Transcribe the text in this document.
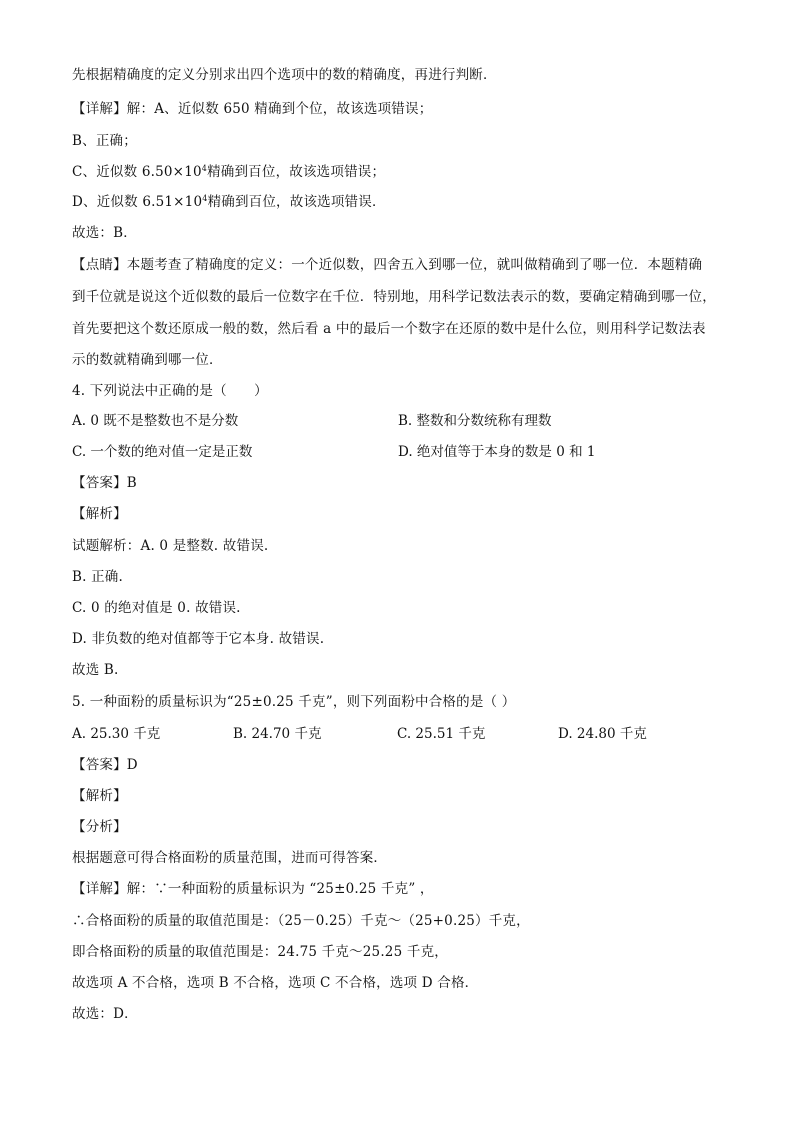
先根据精确度的定义分别求出四个选项中的数的精确度，再进行判断．
【详解】解：A、近似数 650 精确到个位，故该选项错误；
B、正确；
C、近似数 $6.50\times 10^4$精确到百位，故该选项错误；
D、近似数 $6.51\times 10^4$精确到百位，故该选项错误．
故选：B．
【点睛】本题考查了精确度的定义：一个近似数，四舍五入到哪一位，就叫做精确到了哪一位．本题精确
到千位就是说这个近似数的最后一位数字在千位．特别地，用科学记数法表示的数，要确定精确到哪一位，
首先要把这个数还原成一般的数，然后看 a 中的最后一个数字在还原的数中是什么位，则用科学记数法表
示的数就精确到哪一位．
4. 下列说法中正确的是（　　）
A. 0 既不是整数也不是分数	B. 整数和分数统称有理数
C. 一个数的绝对值一定是正数	D. 绝对值等于本身的数是 0 和 1
【答案】B
【解析】
试题解析：A. 0 是整数. 故错误.
B. 正确.
C. 0 的绝对值是 0. 故错误.
D. 非负数的绝对值都等于它本身. 故错误.
故选 B.
5. 一种面粉的质量标识为“25±0.25 千克”，则下列面粉中合格的是（ ）
A. 25.30 千克	B. 24.70 千克	C. 25.51 千克	D. 24.80 千克
【答案】D
【解析】
【分析】
根据题意可得合格面粉的质量范围，进而可得答案．
【详解】解：∵一种面粉的质量标识为 “25±0.25 千克” ，
∴合格面粉的质量的取值范围是：（25－0.25）千克～（25+0.25）千克，
即合格面粉的质量的取值范围是：24.75 千克～25.25 千克，
故选项 A 不合格，选项 B 不合格，选项 C 不合格，选项 D 合格．
故选：D．
